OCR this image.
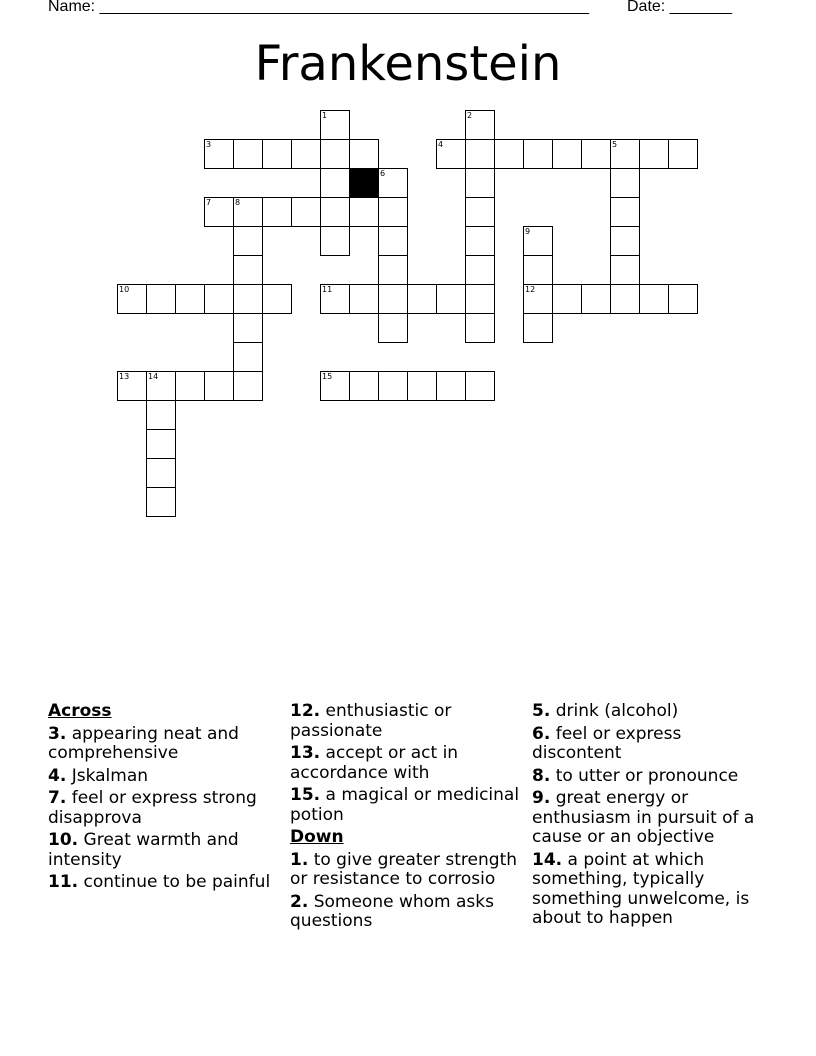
Name: _______________________________________________________ Date: _______
Frankenstein
1	2
3	4	5
6
7	8
9
12
10	11
13 14	15
Across
3. appearing neat and comprehensive
4. Jskalman
7. feel or express strong disapprova
10. Great warmth and intensity
11. continue to be painful
12. enthusiastic or passionate
13. accept or act in accordance with
15. a magical or medicinal potion
Down
1. to give greater strength or resistance to corrosio
2. Someone whom asks questions
5. drink (alcohol)
6. feel or express discontent
8. to utter or pronounce
9. great energy or enthusiasm in pursuit of a cause or an objective
14. a point at which something, typically something unwelcome, is about to happen
